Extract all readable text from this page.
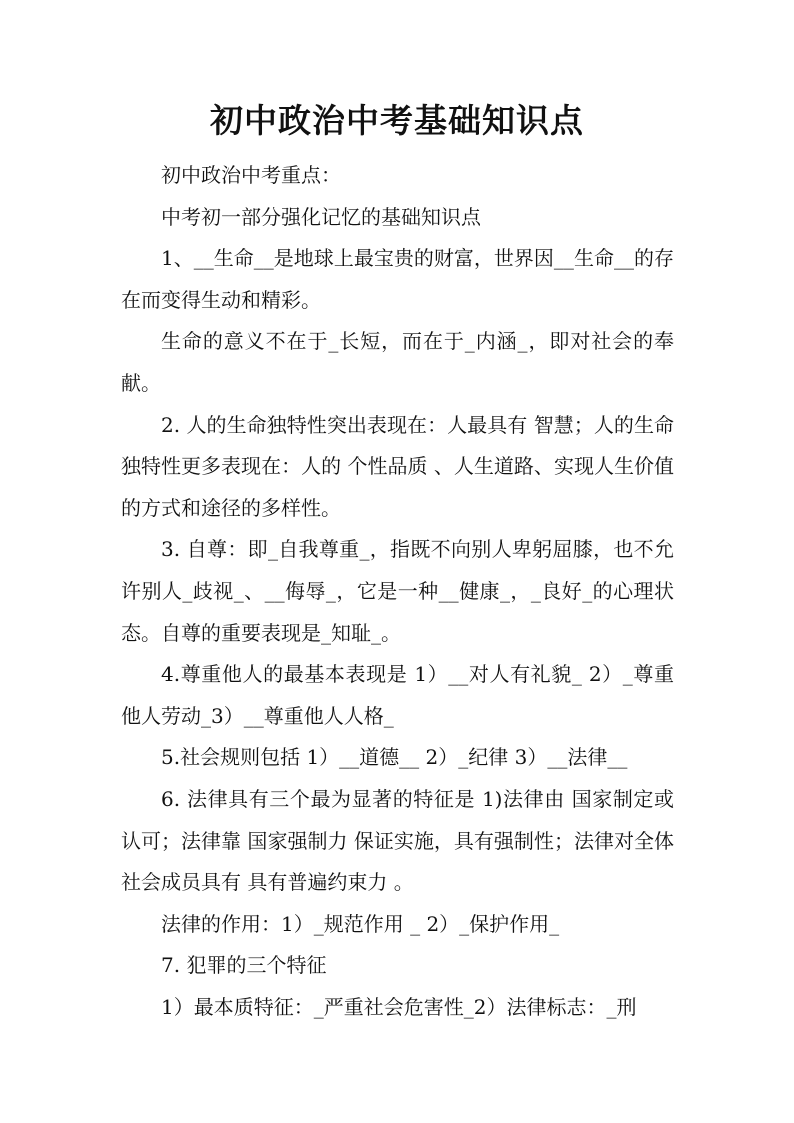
初中政治中考基础知识点

初中政治中考重点：

中考初一部分强化记忆的基础知识点

1、__生命__是地球上最宝贵的财富，世界因__生命__的存在而变得生动和精彩。

生命的意义不在于_长短，而在于_内涵_，即对社会的奉献。

2. 人的生命独特性突出表现在：人最具有 智慧；人的生命独特性更多表现在：人的 个性品质 、人生道路、实现人生价值 的方式和途径的多样性。

3. 自尊：即_自我尊重_，指既不向别人卑躬屈膝，也不允许别人_歧视_、__侮辱_，它是一种__健康_，_良好_的心理状态。自尊的重要表现是_知耻_。

4.尊重他人的最基本表现是 1）__对人有礼貌_ 2）_尊重他人劳动_3）__尊重他人人格_

5.社会规则包括 1）__道德__ 2）_纪律 3）__法律__

6. 法律具有三个最为显著的特征是 1)法律由 国家制定或认可；法律靠 国家强制力 保证实施，具有强制性；法律对全体社会成员具有 具有普遍约束力 。

法律的作用：1）_规范作用 _ 2）_保护作用_

7. 犯罪的三个特征

1）最本质特征：_严重社会危害性_2）法律标志：_刑
